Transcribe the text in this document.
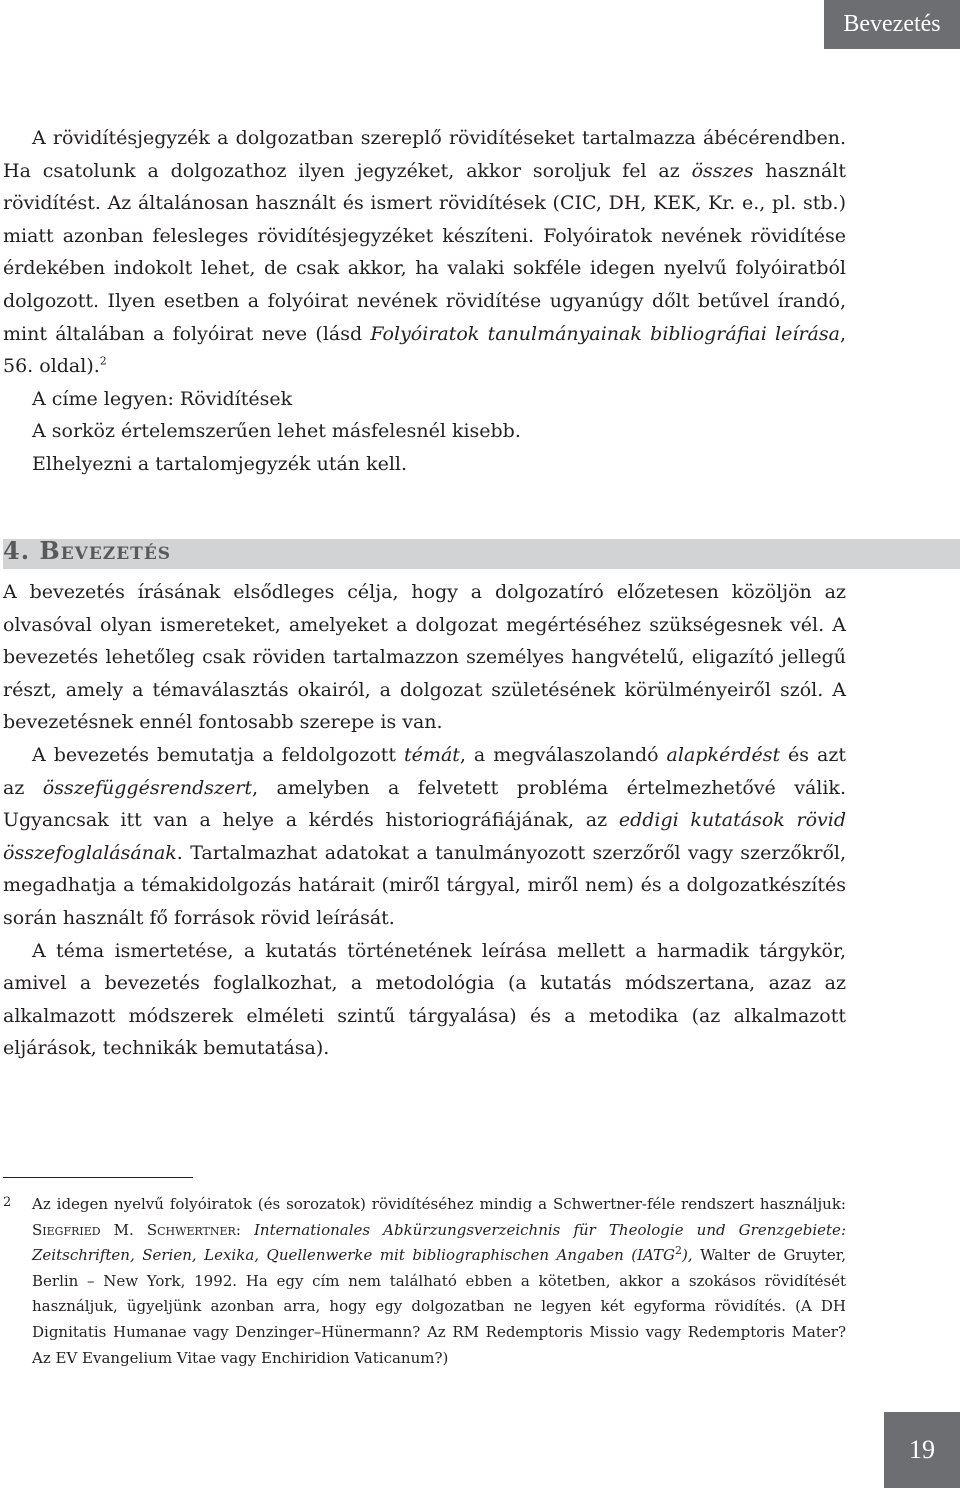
Bevezetés

A rövidítésjegyzék a dolgozatban szereplő rövidítéseket tartalmazza ábécérendben. Ha csatolunk a dolgozathoz ilyen jegyzéket, akkor soroljuk fel az összes használt rövidítést. Az általánosan használt és ismert rövidítések (CIC, DH, KEK, Kr. e., pl. stb.) miatt azonban felesleges rövidítésjegyzéket készíteni. Folyóiratok nevének rövidítése érdekében indokolt lehet, de csak akkor, ha valaki sokféle idegen nyelvű folyóiratból dolgozott. Ilyen esetben a folyóirat nevének rövidítése ugyanúgy dőlt betűvel írandó, mint általában a folyóirat neve (lásd Folyóiratok tanulmányainak bibliográfiai leírása, 56. oldal).$^2$

A címe legyen: Rövidítések

A sorköz értelemszerűen lehet másfelesnél kisebb.

Elhelyezni a tartalomjegyzék után kell.

4. Bevezetés

A bevezetés írásának elsődleges célja, hogy a dolgozatíró előzetesen közöljön az olvasóval olyan ismereteket, amelyeket a dolgozat megértéséhez szükségesnek vél. A bevezetés lehetőleg csak röviden tartalmazzon személyes hangvételű, eligazító jellegű részt, amely a témaválasztás okairól, a dolgozat születésének körülményeiről szól. A bevezetésnek ennél fontosabb szerepe is van.

A bevezetés bemutatja a feldolgozott témát, a megválaszolandó alapkérdést és azt az összefüggésrendszert, amelyben a felvetett probléma értelmezhetővé válik. Ugyancsak itt van a helye a kérdés historiográfiájának, az eddigi kutatások rövid összefoglalásának. Tartalmazhat adatokat a tanulmányozott szerzőről vagy szerzőkről, megadhatja a témakidolgozás határait (miről tárgyal, miről nem) és a dolgozatkészítés során használt fő források rövid leírását.

A téma ismertetése, a kutatás történetének leírása mellett a harmadik tárgykör, amivel a bevezetés foglalkozhat, a metodológia (a kutatás módszertana, azaz az alkalmazott módszerek elméleti szintű tárgyalása) és a metodika (az alkalmazott eljárások, technikák bemutatása).

2 Az idegen nyelvű folyóiratok (és sorozatok) rövidítéséhez mindig a Schwertner-féle rendszert használjuk: Siegfried M. Schwertner: Internationales Abkürzungsverzeichnis für Theologie und Grenzgebiete: Zeitschriften, Serien, Lexika, Quellenwerke mit bibliographischen Angaben (IATG$^2$), Walter de Gruyter, Berlin – New York, 1992. Ha egy cím nem található ebben a kötetben, akkor a szokásos rövidítését használjuk, ügyeljünk azonban arra, hogy egy dolgozatban ne legyen két egyforma rövidítés. (A DH Dignitatis Humanae vagy Denzinger–Hünermann? Az RM Redemptoris Missio vagy Redemptoris Mater? Az EV Evangelium Vitae vagy Enchiridion Vaticanum?)
19
